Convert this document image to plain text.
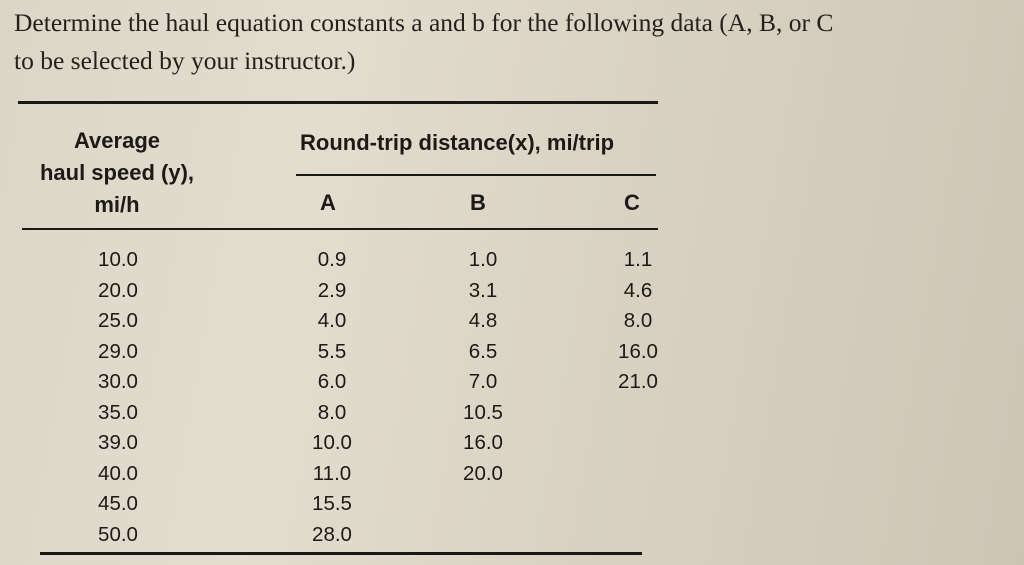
Determine the haul equation constants a and b for the following data (A, B, or C

to be selected by your instructor.)

Average
haul speed (y),
mi/h
Round-trip distance(x), mi/trip
A	B	C
10.0
20.0
25.0
29.0
30.0
35.0
39.0
40.0
45.0
50.0
0.9
2.9
4.0
5.5
6.0
8.0
10.0
11.0
15.5
28.0
1.0
3.1
4.8
6.5
7.0
10.5
16.0
20.0
1.1
4.6
8.0
16.0
21.0
